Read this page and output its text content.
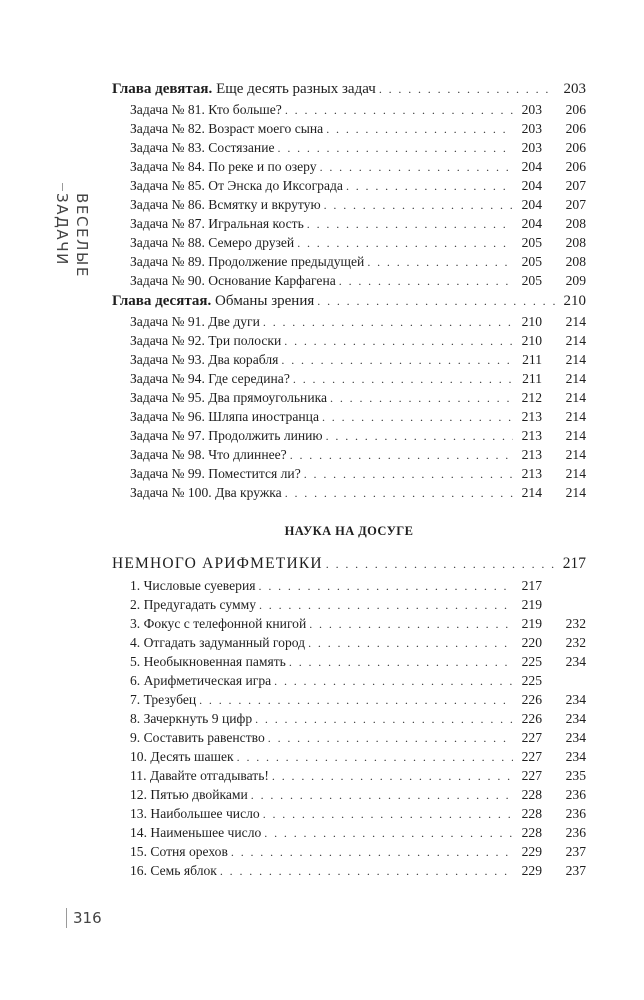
ВЕСЕЛЫЕ ЗАДАЧИ
Глава девятая. Еще десять разных задач . . .	203
Задача № 81. Кто больше? . . .	203	206
Задача № 82. Возраст моего сына . . .	203	206
Задача № 83. Состязание . . .	203	206
Задача № 84. По реке и по озеру . . .	204	206
Задача № 85. От Энска до Иксограда . . .	204	207
Задача № 86. Всмятку и вкрутую . . .	204	207
Задача № 87. Игральная кость . . .	204	208
Задача № 88. Семеро друзей . . .	205	208
Задача № 89. Продолжение предыдущей . . .	205	208
Задача № 90. Основание Карфагена . . .	205	209
Глава десятая. Обманы зрения . . .	210
Задача № 91. Две дуги . . .	210	214
Задача № 92. Три полоски . . .	210	214
Задача № 93. Два корабля . . .	211	214
Задача № 94. Где середина? . . .	211	214
Задача № 95. Два прямоугольника . . .	212	214
Задача № 96. Шляпа иностранца . . .	213	214
Задача № 97. Продолжить линию . . .	213	214
Задача № 98. Что длиннее? . . .	213	214
Задача № 99. Поместится ли? . . .	213	214
Задача № 100. Два кружка . . .	214	214
НАУКА НА ДОСУГЕ
НЕМНОГО АРИФМЕТИКИ . . .	217
1. Числовые суеверия . . .	217
2. Предугадать сумму . . .	219
3. Фокус с телефонной книгой . . .	219	232
4. Отгадать задуманный город . . .	220	232
5. Необыкновенная память . . .	225	234
6. Арифметическая игра . . .	225
7. Трезубец . . .	226	234
8. Зачеркнуть 9 цифр . . .	226	234
9. Составить равенство . . .	227	234
10. Десять шашек . . .	227	234
11. Давайте отгадывать! . . .	227	235
12. Пятью двойками . . .	228	236
13. Наибольшее число . . .	228	236
14. Наименьшее число . . .	228	236
15. Сотня орехов . . .	229	237
16. Семь яблок . . .	229	237
316
